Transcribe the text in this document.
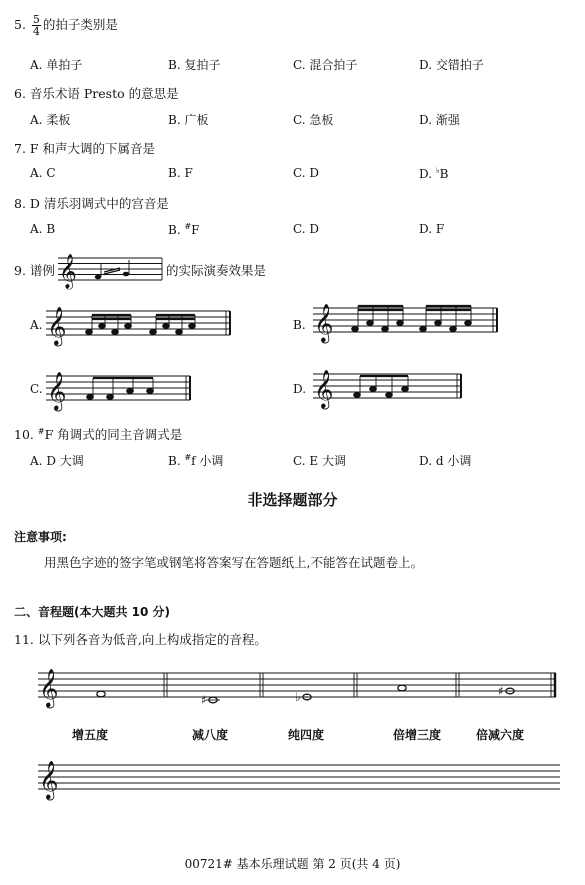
5. $\frac{5}{4}$ 的拍子类别是
A. 单拍子	B. 复拍子	C. 混合拍子	D. 交错拍子
6. 音乐术语 Presto 的意思是
A. 柔板	B. 广板	C. 急板	D. 渐强
7. F 和声大调的下属音是
A. C	B. F	C. D	D. ♭B
8. D 清乐羽调式中的宫音是
A. B	B. #F	C. D	D. F
9. 谱例 𝄞	的实际演奏效果是
A. 𝄞	B. 𝄞
C. 𝄞	D. 𝄞
10. #F 角调式的同主音调式是
A. D 大调	B. #f 小调	C. E 大调	D. d 小调
非选择题部分
注意事项:
用黑色字迹的签字笔或钢笔将答案写在答题纸上,不能答在试题卷上。
二、音程题(本大题共 10 分)
11. 以下列各音为低音,向上构成指定的音程。
𝄞	♯	♭	♯
增五度	减八度	纯四度	倍增三度	倍减六度
𝄞
00721# 基本乐理试题 第 2 页(共 4 页)
